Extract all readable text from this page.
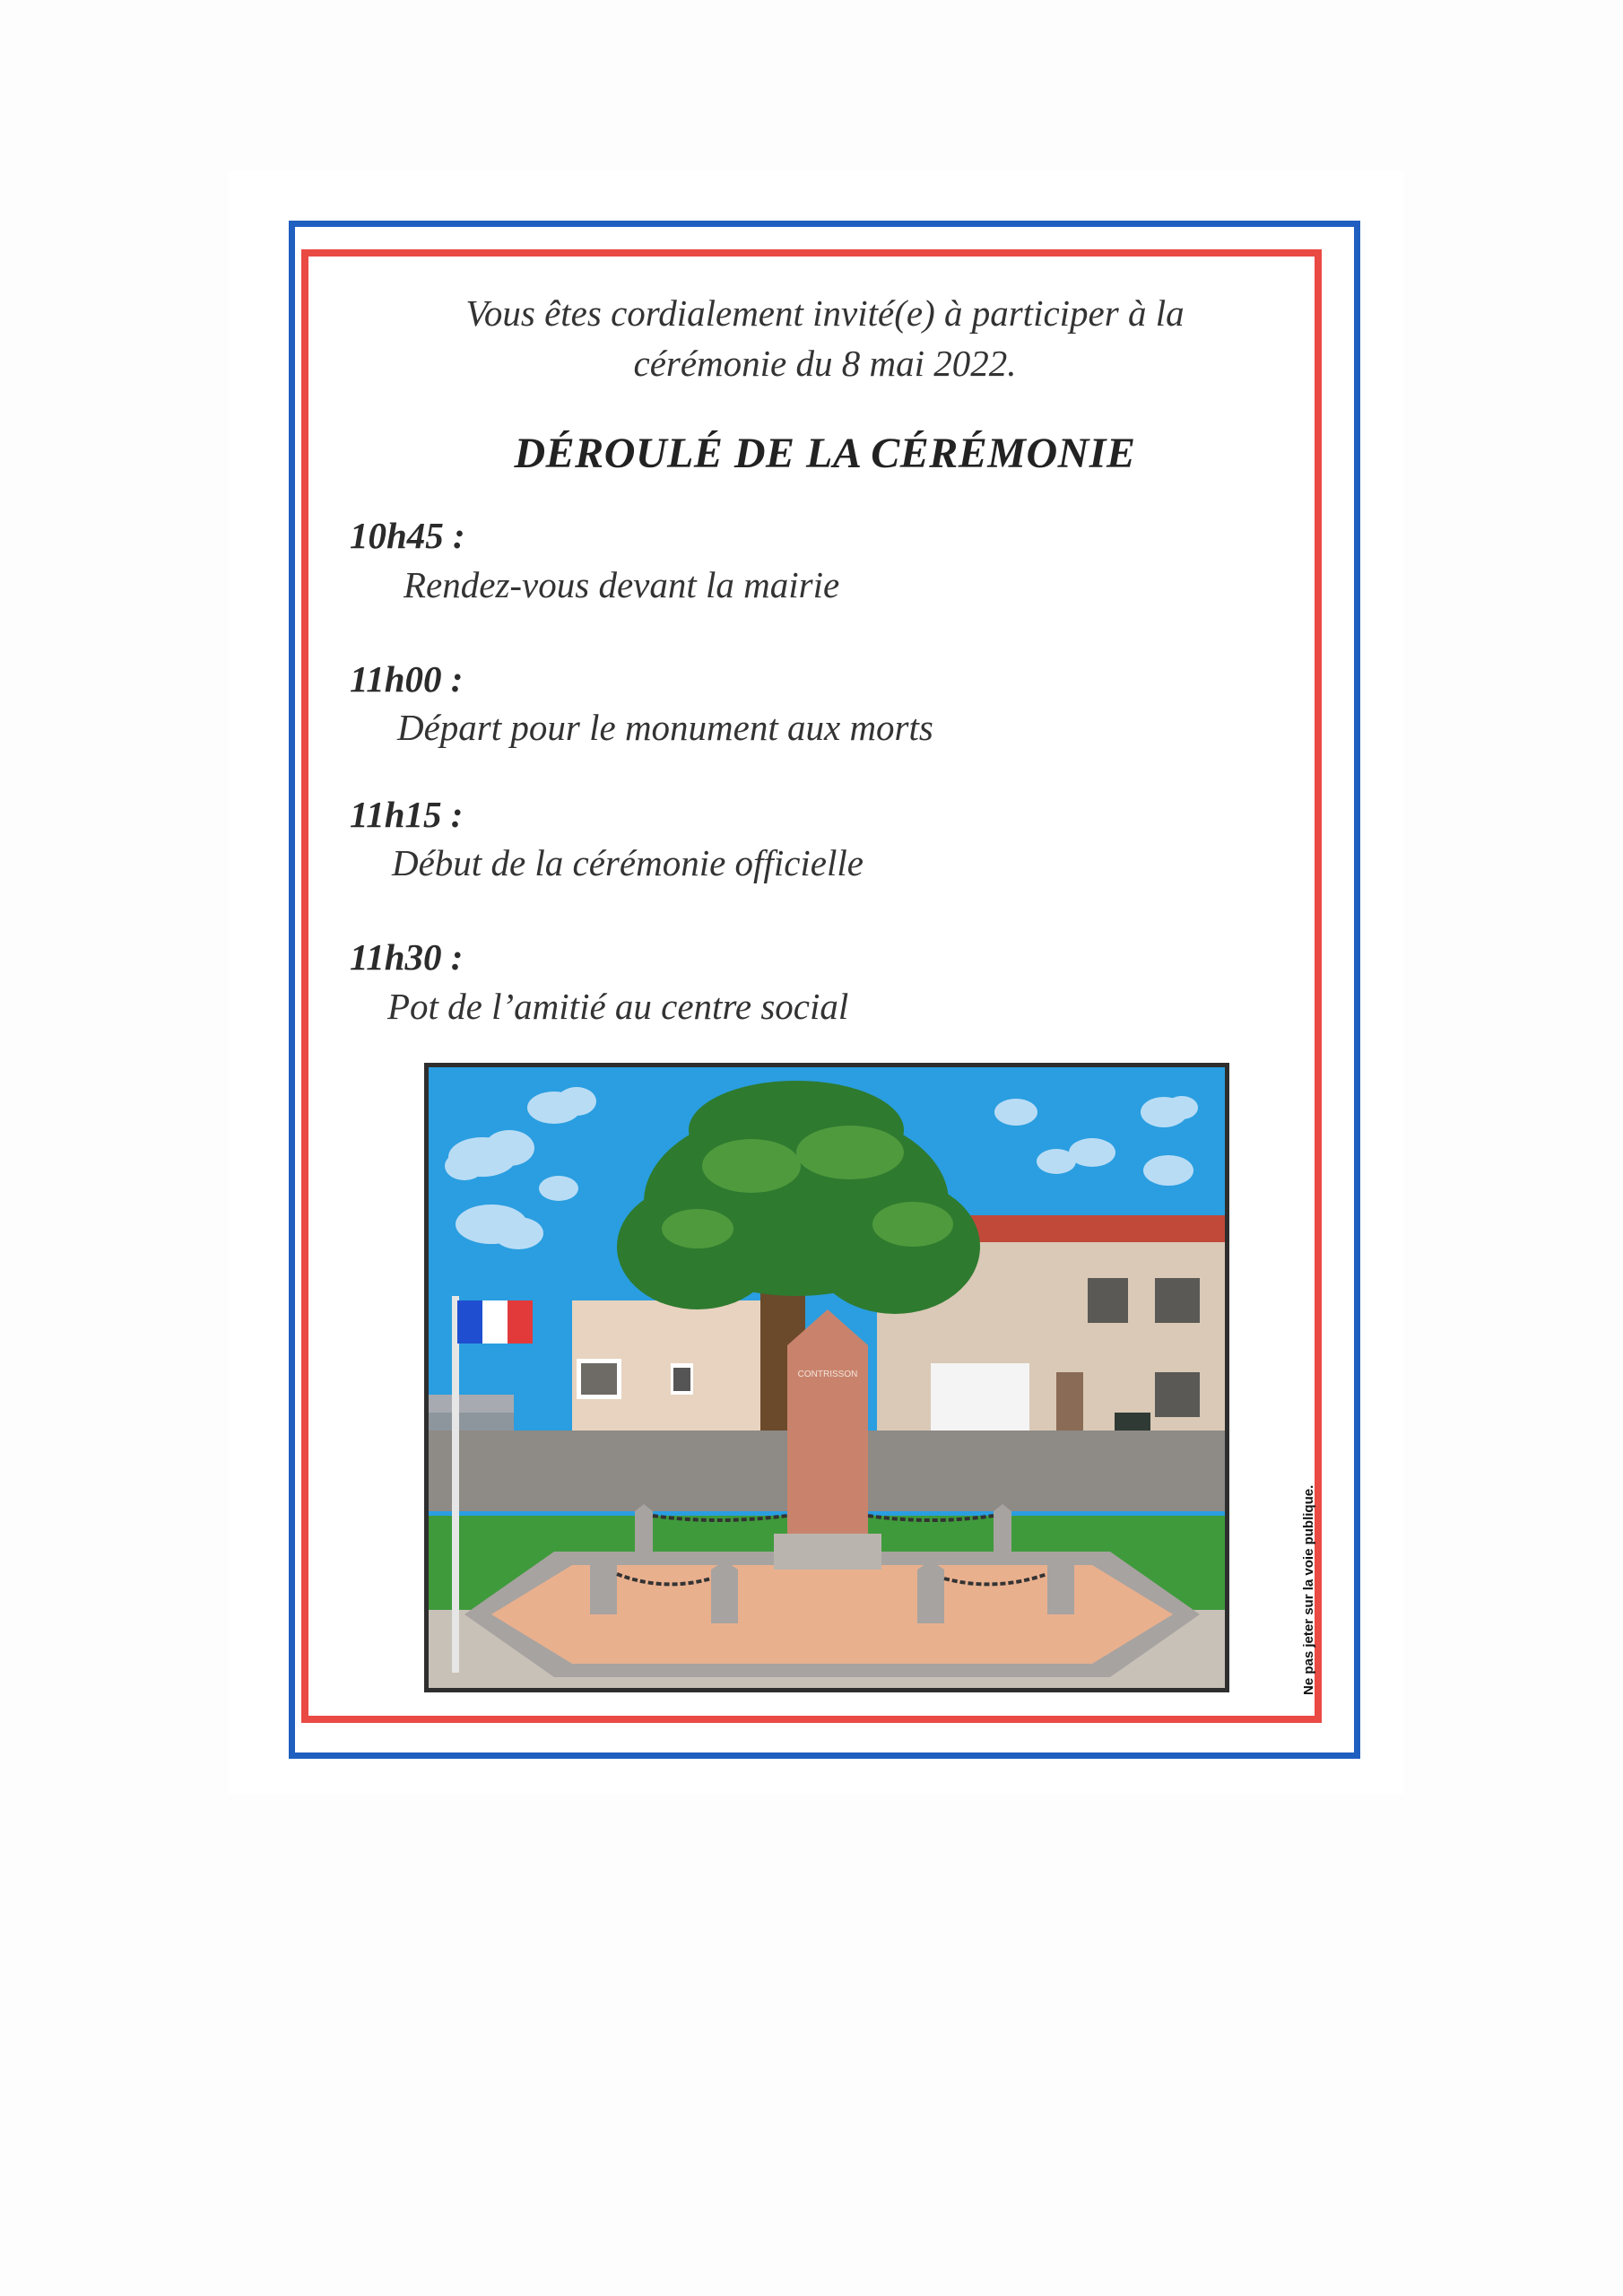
Vous êtes cordialement invité(e) à participer à la
cérémonie du 8 mai 2022.
DÉROULÉ DE LA CÉRÉMONIE
10h45 :
Rendez-vous devant la mairie
11h00 :
Départ pour le monument aux morts
11h15 :
Début de la cérémonie officielle
11h30 :
Pot de l’amitié au centre social
CONTRISSON
Ne pas jeter sur la voie publique.
